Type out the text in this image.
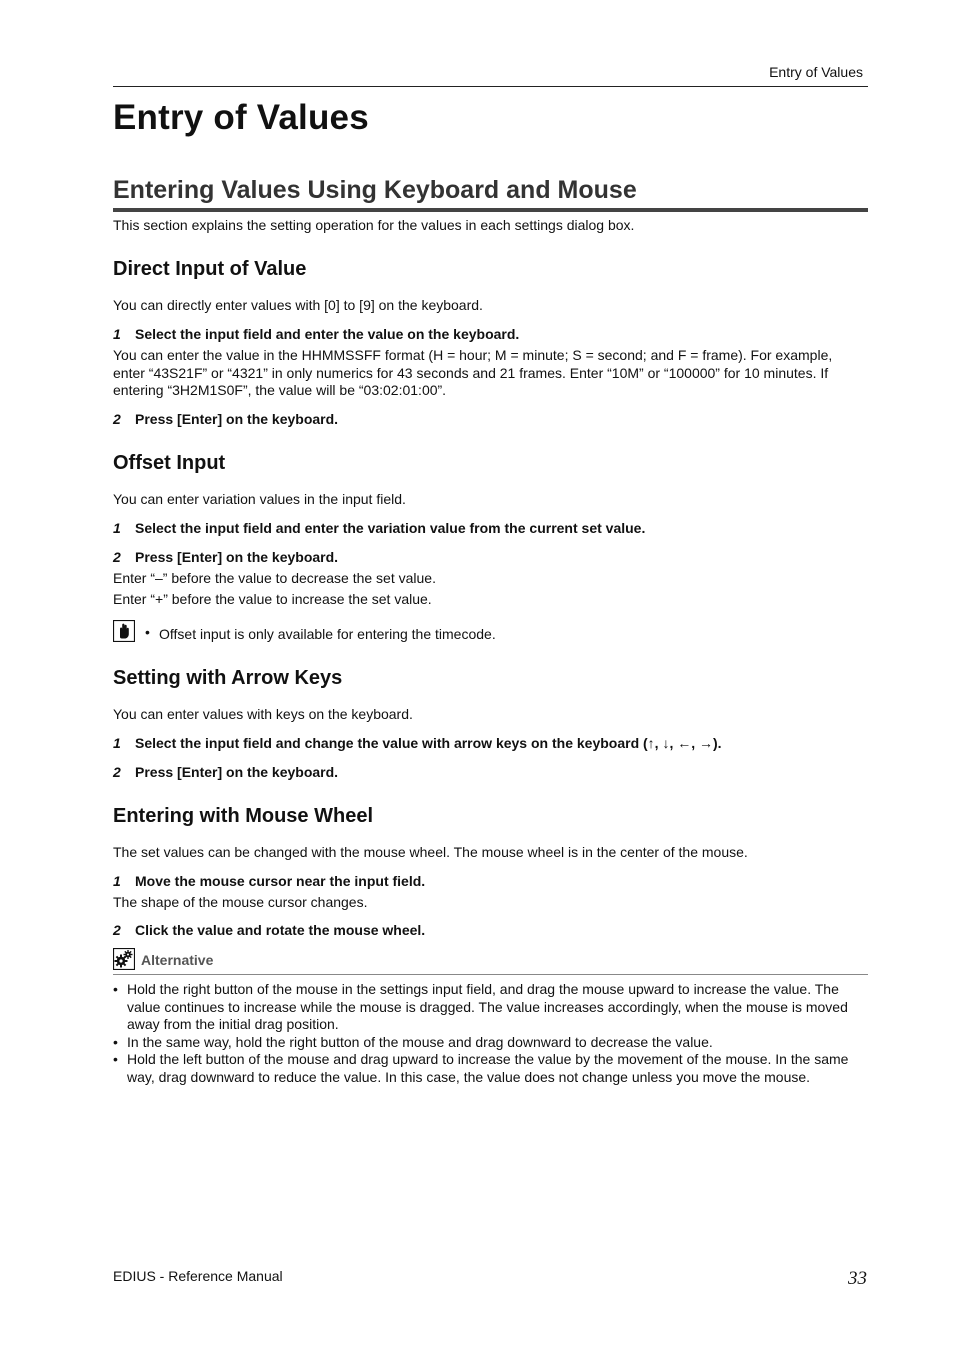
Entry of Values
Entry of Values
Entering Values Using Keyboard and Mouse
This section explains the setting operation for the values in each settings dialog box.
Direct Input of Value
You can directly enter values with [0] to [9] on the keyboard.
1 Select the input field and enter the value on the keyboard.
You can enter the value in the HHMMSSFF format (H = hour; M = minute; S = second; and F = frame). For example, enter “43S21F” or “4321” in only numerics for 43 seconds and 21 frames. Enter “10M” or “100000” for 10 minutes. If entering “3H2M1S0F”, the value will be “03:02:01:00”.
2 Press [Enter] on the keyboard.
Offset Input
You can enter variation values in the input field.
1 Select the input field and enter the variation value from the current set value.
2 Press [Enter] on the keyboard.
Enter “–” before the value to decrease the set value.
Enter “+” before the value to increase the set value.
• Offset input is only available for entering the timecode.
Setting with Arrow Keys
You can enter values with keys on the keyboard.
1 Select the input field and change the value with arrow keys on the keyboard (↑, ↓, ←, →).
2 Press [Enter] on the keyboard.
Entering with Mouse Wheel
The set values can be changed with the mouse wheel. The mouse wheel is in the center of the mouse.
1 Move the mouse cursor near the input field.
The shape of the mouse cursor changes.
2 Click the value and rotate the mouse wheel.
Alternative
• Hold the right button of the mouse in the settings input field, and drag the mouse upward to increase the value. The value continues to increase while the mouse is dragged. The value increases accordingly, when the mouse is moved away from the initial drag position.
• In the same way, hold the right button of the mouse and drag downward to decrease the value.
• Hold the left button of the mouse and drag upward to increase the value by the movement of the mouse. In the same way, drag downward to reduce the value. In this case, the value does not change unless you move the mouse.
EDIUS - Reference Manual	33
